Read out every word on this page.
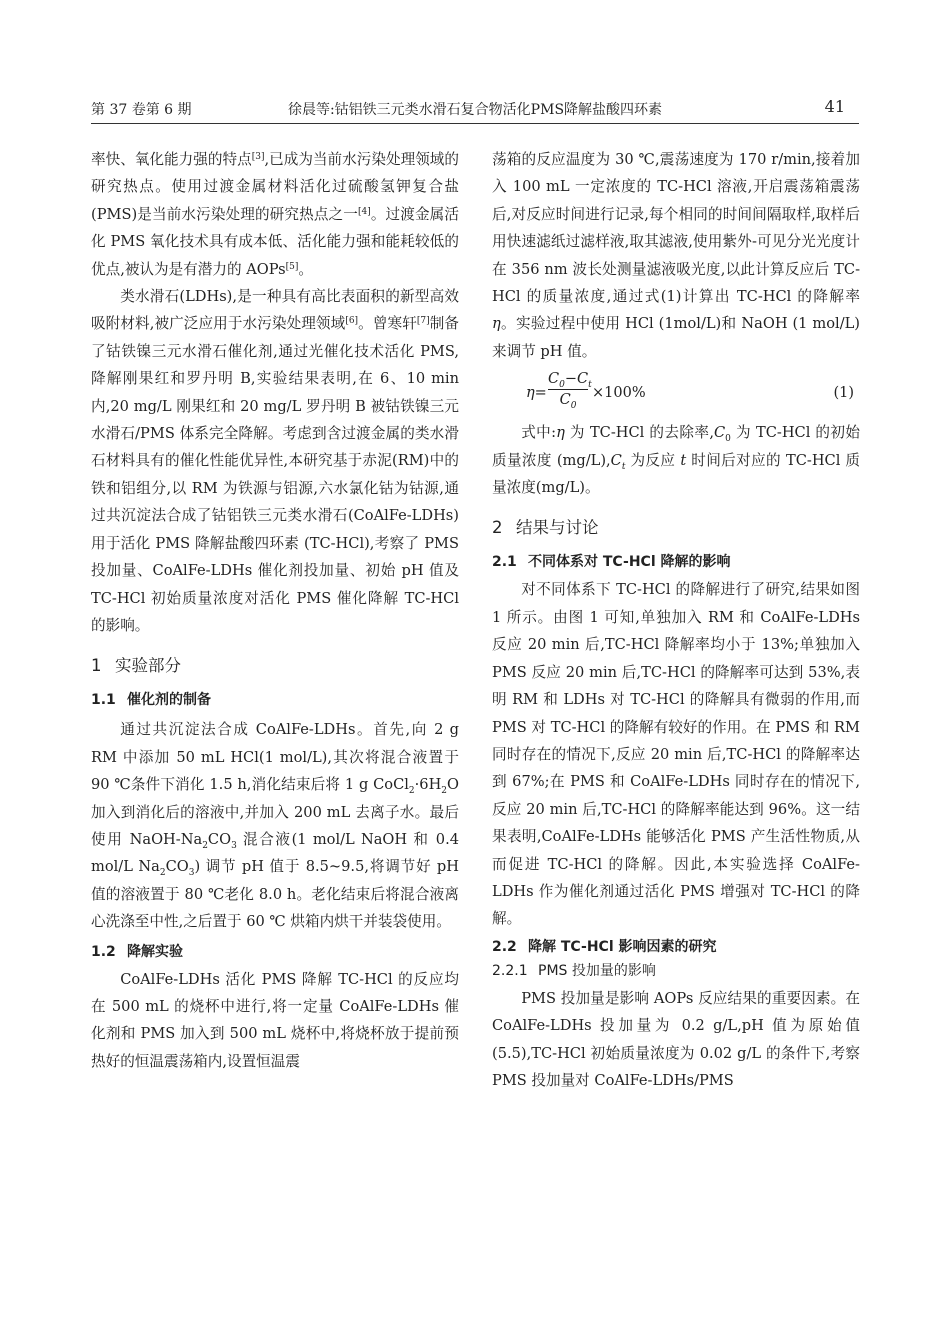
第 37 卷第 6 期	徐晨等:钴铝铁三元类水滑石复合物活化PMS降解盐酸四环素	41

率快、氧化能力强的特点[3],已成为当前水污染处理领域的研究热点。使用过渡金属材料活化过硫酸氢钾复合盐(PMS)是当前水污染处理的研究热点之一[4]。过渡金属活化 PMS 氧化技术具有成本低、活化能力强和能耗较低的优点,被认为是有潜力的 AOPs[5]。

类水滑石(LDHs),是一种具有高比表面积的新型高效吸附材料,被广泛应用于水污染处理领域[6]。曾寒轩[7]制备了钴铁镍三元水滑石催化剂,通过光催化技术活化 PMS,降解刚果红和罗丹明 B,实验结果表明,在 6、10 min 内,20 mg/L 刚果红和 20 mg/L 罗丹明 B 被钴铁镍三元水滑石/PMS 体系完全降解。考虑到含过渡金属的类水滑石材料具有的催化性能优异性,本研究基于赤泥(RM)中的铁和铝组分,以 RM 为铁源与铝源,六水氯化钴为钴源,通过共沉淀法合成了钴铝铁三元类水滑石(CoAlFe-LDHs)用于活化 PMS 降解盐酸四环素 (TC-HCl),考察了 PMS 投加量、CoAlFe-LDHs 催化剂投加量、初始 pH 值及 TC-HCl 初始质量浓度对活化 PMS 催化降解 TC-HCl 的影响。

1 实验部分
1.1 催化剂的制备

通过共沉淀法合成 CoAlFe-LDHs。首先,向 2 g RM 中添加 50 mL HCl(1 mol/L),其次将混合液置于 90 ℃条件下消化 1.5 h,消化结束后将 1 g $CoCl_2\cdot 6H_2O$ 加入到消化后的溶液中,并加入 200 mL 去离子水。最后使用 NaOH-$Na_2CO_3$ 混合液(1 mol/L NaOH 和 0.4 mol/L $Na_2CO_3$) 调节 pH 值于 8.5~9.5,将调节好 pH 值的溶液置于 80 ℃老化 8.0 h。老化结束后将混合液离心洗涤至中性,之后置于 60 ℃ 烘箱内烘干并装袋使用。

1.2 降解实验

CoAlFe-LDHs 活化 PMS 降解 TC-HCl 的反应均在 500 mL 的烧杯中进行,将一定量 CoAlFe-LDHs 催化剂和 PMS 加入到 500 mL 烧杯中,将烧杯放于提前预热好的恒温震荡箱内,设置恒温震

荡箱的反应温度为 30 ℃,震荡速度为 170 r/min,接着加入 100 mL 一定浓度的 TC-HCl 溶液,开启震荡箱震荡后,对反应时间进行记录,每个相同的时间间隔取样,取样后用快速滤纸过滤样液,取其滤液,使用紫外-可见分光光度计在 356 nm 波长处测量滤液吸光度,以此计算反应后 TC-HCl 的质量浓度,通过式(1)计算出 TC-HCl 的降解率 η。实验过程中使用 HCl (1mol/L)和 NaOH (1 mol/L)来调节 pH 值。

$\eta= \frac{C_0-C_t}{C_0} \times 100\%$	(1)

式中:η 为 TC-HCl 的去除率$,C_0$ 为 TC-HCl 的初始质量浓度 $(mg/L),C_t$ 为反应 t 时间后对应的 TC-HCl 质量浓度(mg/L)。

2 结果与讨论
2.1 不同体系对 TC-HCl 降解的影响

对不同体系下 TC-HCl 的降解进行了研究,结果如图 1 所示。由图 1 可知,单独加入 RM 和 CoAlFe-LDHs 反应 20 min 后,TC-HCl 降解率均小于 13%;单独加入 PMS 反应 20 min 后,TC-HCl 的降解率可达到 53%,表明 RM 和 LDHs 对 TC-HCl 的降解具有微弱的作用,而 PMS 对 TC-HCl 的降解有较好的作用。在 PMS 和 RM 同时存在的情况下,反应 20 min 后,TC-HCl 的降解率达到 67%;在 PMS 和 CoAlFe-LDHs 同时存在的情况下,反应 20 min 后,TC-HCl 的降解率能达到 96%。这一结果表明,CoAlFe-LDHs 能够活化 PMS 产生活性物质,从而促进 TC-HCl 的降解。因此,本实验选择 CoAlFe-LDHs 作为催化剂通过活化 PMS 增强对 TC-HCl 的降解。

2.2 降解 TC-HCl 影响因素的研究
2.2.1 PMS 投加量的影响

PMS 投加量是影响 AOPs 反应结果的重要因素。在 CoAlFe-LDHs 投加量为 0.2 g/L,pH 值为原始值 (5.5),TC-HCl 初始质量浓度为 0.02 g/L 的条件下,考察 PMS 投加量对 CoAlFe-LDHs/PMS
